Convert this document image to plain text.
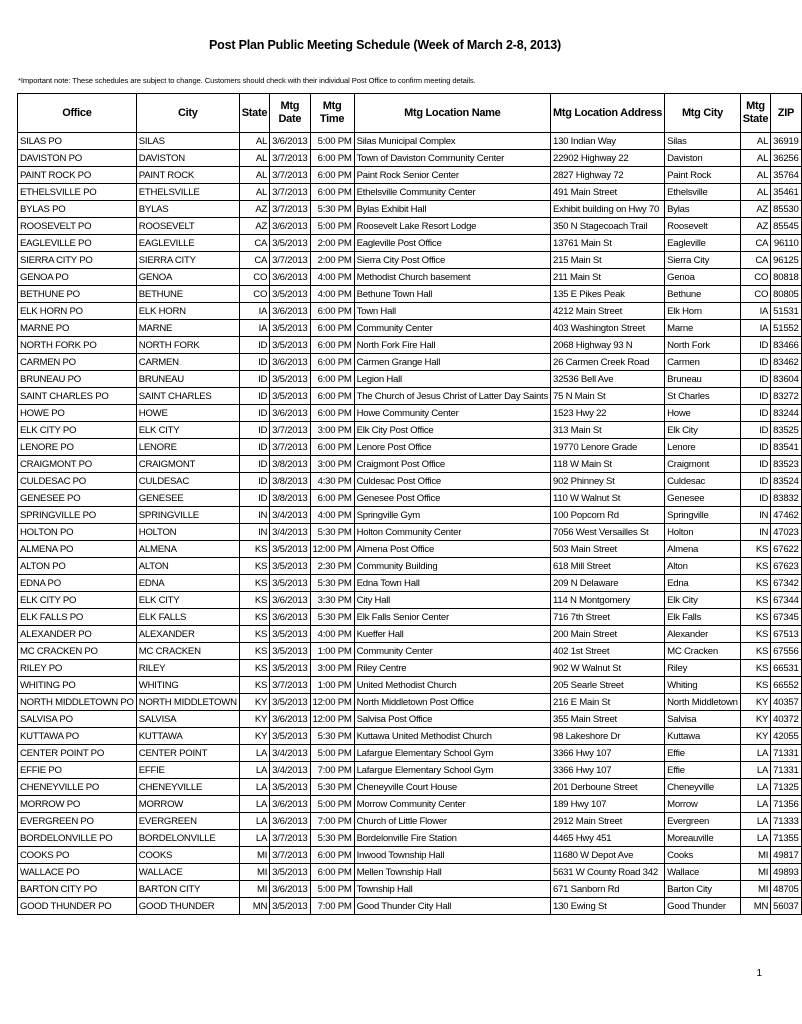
Post Plan Public Meeting Schedule (Week of March 2-8, 2013)
*Important note: These schedules are subject to change. Customers should check with their individual Post Office to confirm meeting details.
Office	City	State	Mtg Date	Mtg Time	Mtg Location Name	Mtg Location Address	Mtg City	Mtg State	ZIP
SILAS PO	SILAS	AL	3/6/2013	5:00 PM	Silas Municipal Complex	130 Indian Way	Silas	AL	36919
DAVISTON PO	DAVISTON	AL	3/7/2013	6:00 PM	Town of Daviston Community Center	22902 Highway 22	Daviston	AL	36256
PAINT ROCK PO	PAINT ROCK	AL	3/7/2013	6:00 PM	Paint Rock Senior Center	2827 Highway 72	Paint Rock	AL	35764
ETHELSVILLE PO	ETHELSVILLE	AL	3/7/2013	6:00 PM	Ethelsville Community Center	491 Main Street	Ethelsville	AL	35461
BYLAS PO	BYLAS	AZ	3/7/2013	5:30 PM	Bylas Exhibit Hall	Exhibit building on Hwy 70	Bylas	AZ	85530
ROOSEVELT PO	ROOSEVELT	AZ	3/6/2013	5:00 PM	Roosevelt Lake Resort Lodge	350 N Stagecoach Trail	Roosevelt	AZ	85545
EAGLEVILLE PO	EAGLEVILLE	CA	3/5/2013	2:00 PM	Eagleville Post Office	13761 Main St	Eagleville	CA	96110
SIERRA CITY PO	SIERRA CITY	CA	3/7/2013	2:00 PM	Sierra City Post Office	215 Main St	Sierra City	CA	96125
GENOA PO	GENOA	CO	3/6/2013	4:00 PM	Methodist Church basement	211 Main St	Genoa	CO	80818
BETHUNE PO	BETHUNE	CO	3/5/2013	4:00 PM	Bethune Town Hall	135 E Pikes Peak	Bethune	CO	80805
ELK HORN PO	ELK HORN	IA	3/6/2013	6:00 PM	Town Hall	4212 Main Street	Elk Horn	IA	51531
MARNE PO	MARNE	IA	3/5/2013	6:00 PM	Community Center	403 Washington Street	Marne	IA	51552
NORTH FORK PO	NORTH FORK	ID	3/5/2013	6:00 PM	North Fork Fire Hall	2068 Highway 93 N	North Fork	ID	83466
CARMEN PO	CARMEN	ID	3/6/2013	6:00 PM	Carmen Grange Hall	26 Carmen Creek Road	Carmen	ID	83462
BRUNEAU PO	BRUNEAU	ID	3/5/2013	6:00 PM	Legion Hall	32536 Bell Ave	Bruneau	ID	83604
SAINT CHARLES PO	SAINT CHARLES	ID	3/5/2013	6:00 PM	The Church of Jesus Christ of Latter Day Saints	75 N Main St	St Charles	ID	83272
HOWE PO	HOWE	ID	3/6/2013	6:00 PM	Howe Community Center	1523 Hwy 22	Howe	ID	83244
ELK CITY PO	ELK CITY	ID	3/7/2013	3:00 PM	Elk City Post Office	313 Main St	Elk City	ID	83525
LENORE PO	LENORE	ID	3/7/2013	6:00 PM	Lenore Post Office	19770 Lenore Grade	Lenore	ID	83541
CRAIGMONT PO	CRAIGMONT	ID	3/8/2013	3:00 PM	Craigmont Post Office	118 W Main St	Craigmont	ID	83523
CULDESAC PO	CULDESAC	ID	3/8/2013	4:30 PM	Culdesac Post Office	902 Phinney St	Culdesac	ID	83524
GENESEE PO	GENESEE	ID	3/8/2013	6:00 PM	Genesee Post Office	110 W Walnut St	Genesee	ID	83832
SPRINGVILLE PO	SPRINGVILLE	IN	3/4/2013	4:00 PM	Springville Gym	100 Popcorn Rd	Springville	IN	47462
HOLTON PO	HOLTON	IN	3/4/2013	5:30 PM	Holton Community Center	7056 West Versailles St	Holton	IN	47023
ALMENA PO	ALMENA	KS	3/5/2013	12:00 PM	Almena Post Office	503 Main Street	Almena	KS	67622
ALTON PO	ALTON	KS	3/5/2013	2:30 PM	Community Building	618 Mill Street	Alton	KS	67623
EDNA PO	EDNA	KS	3/5/2013	5:30 PM	Edna Town Hall	209 N Delaware	Edna	KS	67342
ELK CITY PO	ELK CITY	KS	3/6/2013	3:30 PM	City Hall	114 N Montgomery	Elk City	KS	67344
ELK FALLS PO	ELK FALLS	KS	3/6/2013	5:30 PM	Elk Falls Senior Center	716 7th Street	Elk Falls	KS	67345
ALEXANDER PO	ALEXANDER	KS	3/5/2013	4:00 PM	Kueffer Hall	200 Main Street	Alexander	KS	67513
MC CRACKEN PO	MC CRACKEN	KS	3/5/2013	1:00 PM	Community Center	402 1st Street	MC Cracken	KS	67556
RILEY PO	RILEY	KS	3/5/2013	3:00 PM	Riley Centre	902 W Walnut St	Riley	KS	66531
WHITING PO	WHITING	KS	3/7/2013	1:00 PM	United Methodist Church	205 Searle Street	Whiting	KS	66552
NORTH MIDDLETOWN PO	NORTH MIDDLETOWN	KY	3/5/2013	12:00 PM	North Middletown Post Office	216 E Main St	North Middletown	KY	40357
SALVISA PO	SALVISA	KY	3/6/2013	12:00 PM	Salvisa Post Office	355 Main Street	Salvisa	KY	40372
KUTTAWA PO	KUTTAWA	KY	3/5/2013	5:30 PM	Kuttawa United Methodist Church	98 Lakeshore Dr	Kuttawa	KY	42055
CENTER POINT PO	CENTER POINT	LA	3/4/2013	5:00 PM	Lafargue Elementary School Gym	3366 Hwy 107	Effie	LA	71331
EFFIE PO	EFFIE	LA	3/4/2013	7:00 PM	Lafargue Elementary School Gym	3366 Hwy 107	Effie	LA	71331
CHENEYVILLE PO	CHENEYVILLE	LA	3/5/2013	5:30 PM	Cheneyville Court House	201 Derboune Street	Cheneyville	LA	71325
MORROW PO	MORROW	LA	3/6/2013	5:00 PM	Morrow Community Center	189 Hwy 107	Morrow	LA	71356
EVERGREEN PO	EVERGREEN	LA	3/6/2013	7:00 PM	Church of Little Flower	2912 Main Street	Evergreen	LA	71333
BORDELONVILLE PO	BORDELONVILLE	LA	3/7/2013	5:30 PM	Bordelonville Fire Station	4465 Hwy 451	Moreauville	LA	71355
COOKS PO	COOKS	MI	3/7/2013	6:00 PM	Inwood Township Hall	11680 W Depot Ave	Cooks	MI	49817
WALLACE PO	WALLACE	MI	3/5/2013	6:00 PM	Mellen Township Hall	5631 W County Road 342	Wallace	MI	49893
BARTON CITY PO	BARTON CITY	MI	3/6/2013	5:00 PM	Township Hall	671 Sanborn Rd	Barton City	MI	48705
GOOD THUNDER PO	GOOD THUNDER	MN	3/5/2013	7:00 PM	Good Thunder City Hall	130 Ewing St	Good Thunder	MN	56037
1
